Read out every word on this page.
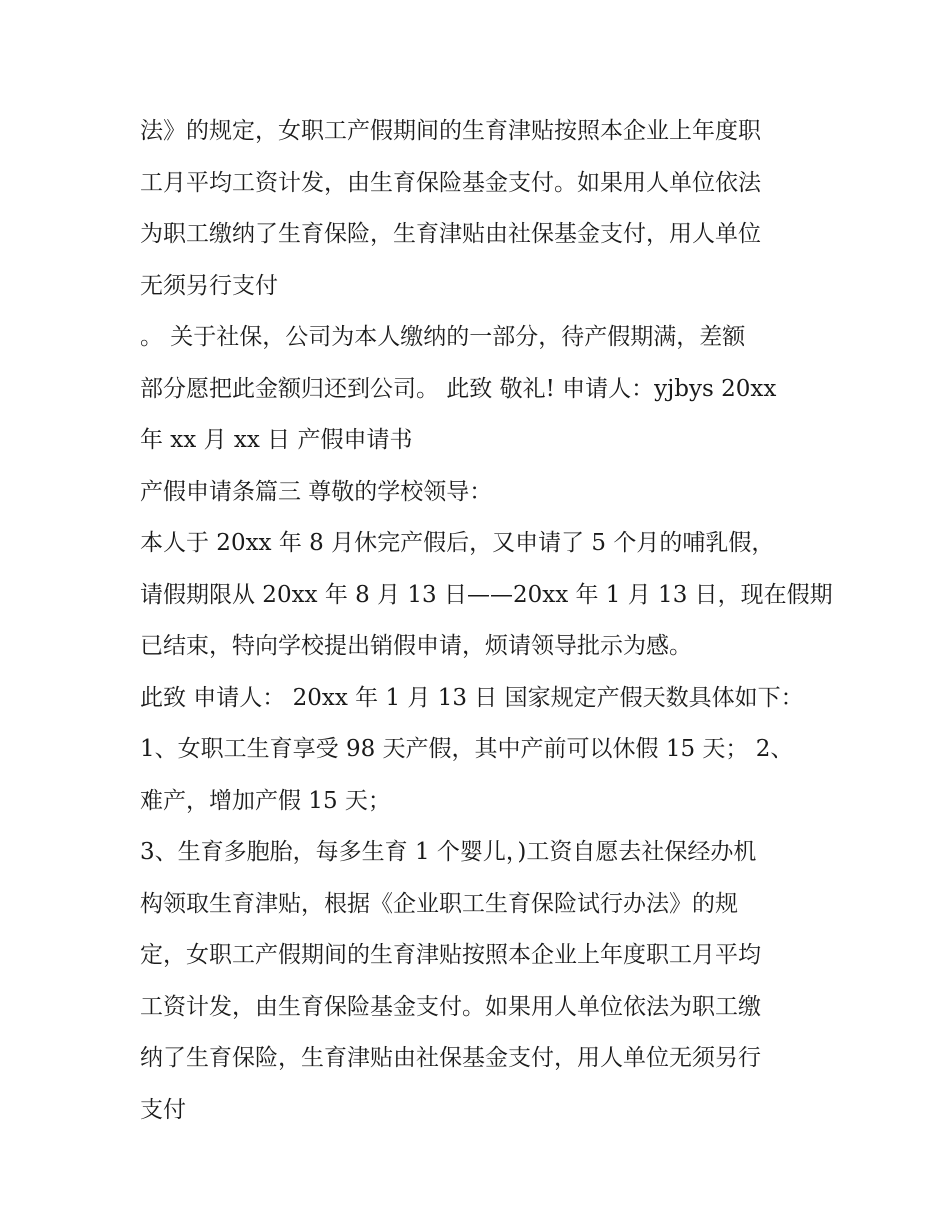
法》的规定，女职工产假期间的生育津贴按照本企业上年度职
工月平均工资计发，由生育保险基金支付。如果用人单位依法
为职工缴纳了生育保险，生育津贴由社保基金支付，用人单位
无须另行支付
。 关于社保，公司为本人缴纳的一部分，待产假期满，差额
部分愿把此金额归还到公司。 此致 敬礼! 申请人：yjbys 20xx
年 xx 月 xx 日 产假申请书
产假申请条篇三 尊敬的学校领导：
本人于 20xx 年 8 月休完产假后，又申请了 5 个月的哺乳假，
请假期限从 20xx 年 8 月 13 日——20xx 年 1 月 13 日，现在假期
已结束，特向学校提出销假申请，烦请领导批示为感。
此致 申请人： 20xx 年 1 月 13 日 国家规定产假天数具体如下：
1、女职工生育享受 98 天产假，其中产前可以休假 15 天； 2、
难产，增加产假 15 天；
3、生育多胞胎，每多生育 1 个婴儿，)工资自愿去社保经办机
构领取生育津贴，根据《企业职工生育保险试行办法》的规
定，女职工产假期间的生育津贴按照本企业上年度职工月平均
工资计发，由生育保险基金支付。如果用人单位依法为职工缴
纳了生育保险，生育津贴由社保基金支付，用人单位无须另行
支付
